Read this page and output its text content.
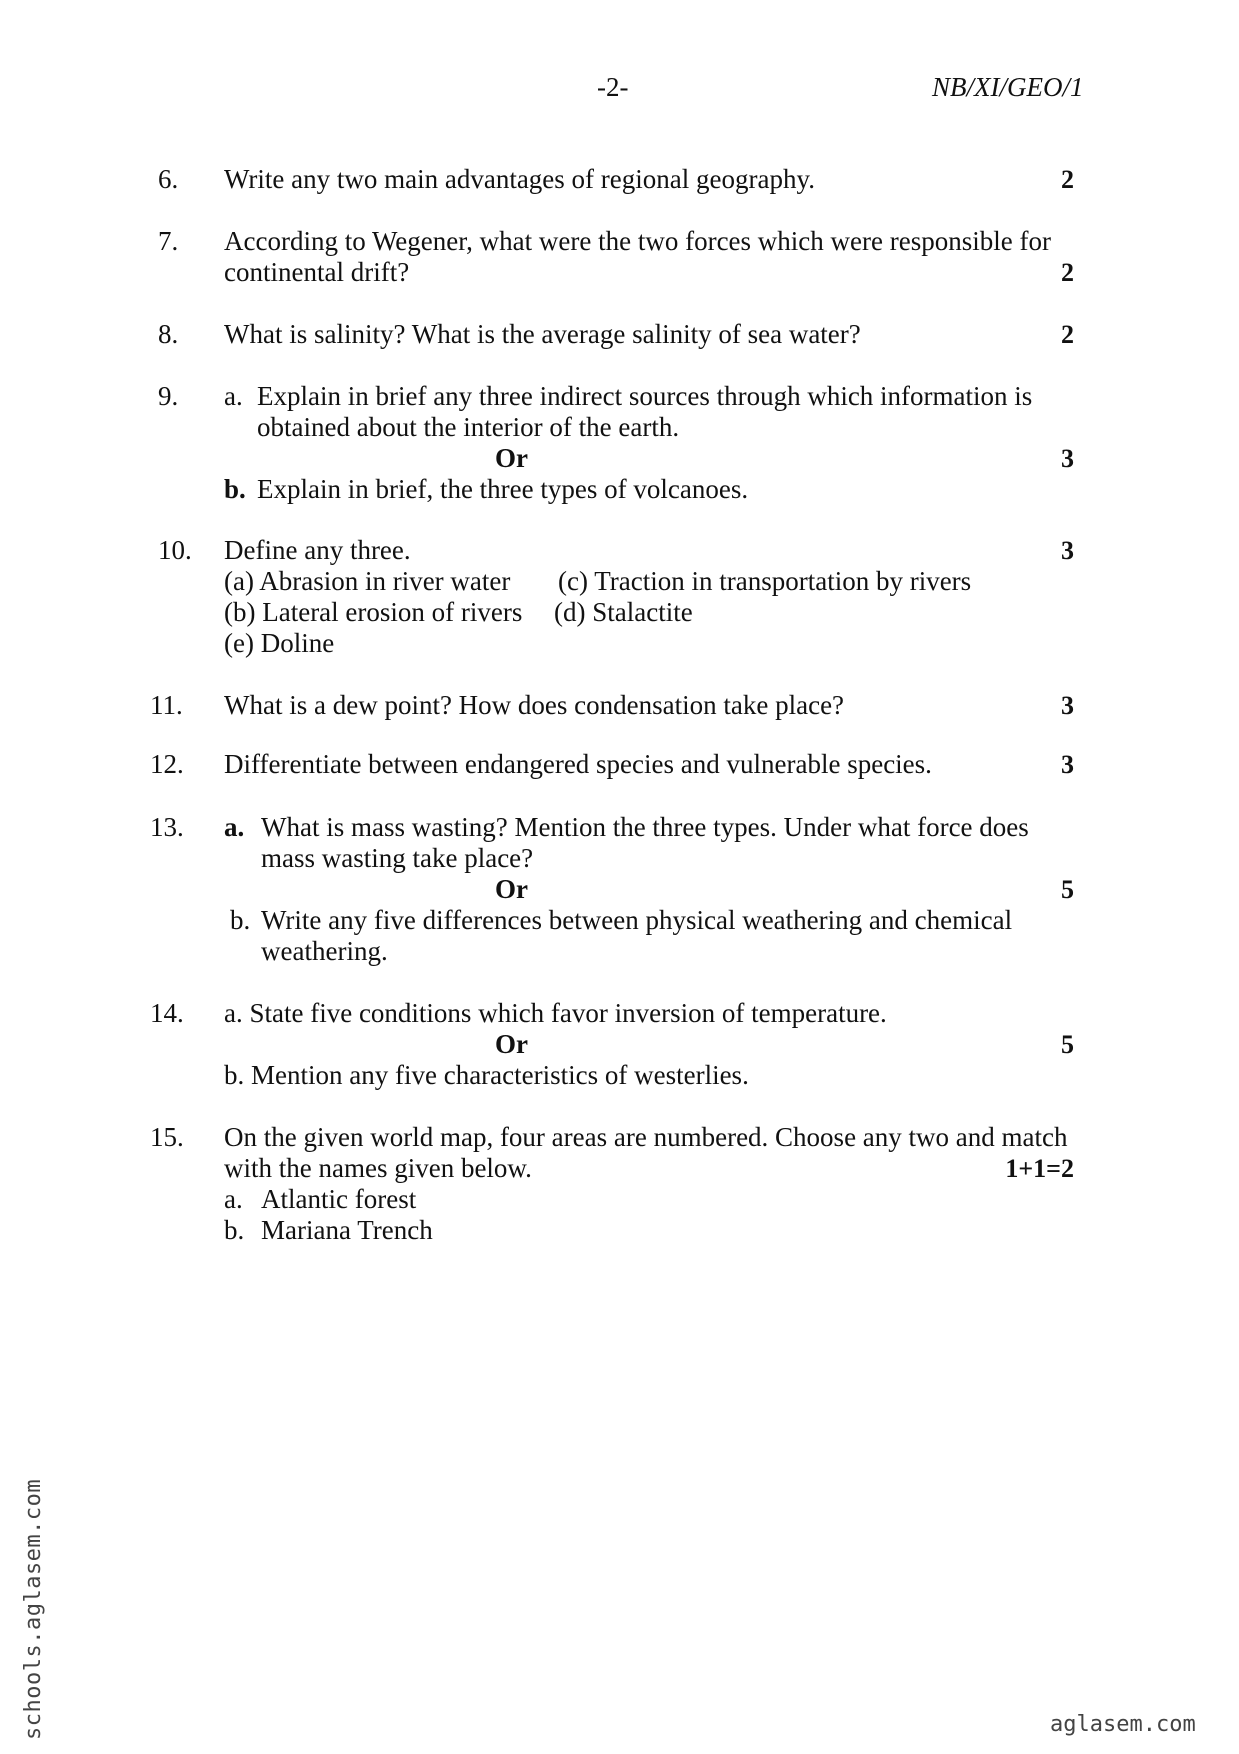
-2-	NB/XI/GEO/1
6. Write any two main advantages of regional geography.	2
7. According to Wegener, what were the two forces which were responsible for
continental drift?	2
8. What is salinity? What is the average salinity of sea water?	2
9. a. Explain in brief any three indirect sources through which information is
obtained about the interior of the earth.
Or	3
b. Explain in brief, the three types of volcanoes.
10. Define any three.	3
(a) Abrasion in river water (c) Traction in transportation by rivers
(b) Lateral erosion of rivers (d) Stalactite
(e) Doline
11. What is a dew point? How does condensation take place?	3
12. Differentiate between endangered species and vulnerable species.	3
13. a. What is mass wasting? Mention the three types. Under what force does
mass wasting take place?
Or	5
b. Write any five differences between physical weathering and chemical
weathering.
14. a. State five conditions which favor inversion of temperature.
Or	5
b. Mention any five characteristics of westerlies.
15. On the given world map, four areas are numbered. Choose any two and match
with the names given below.	1+1=2
a. Atlantic forest
b. Mariana Trench
schools.aglasem.com	aglasem.com
